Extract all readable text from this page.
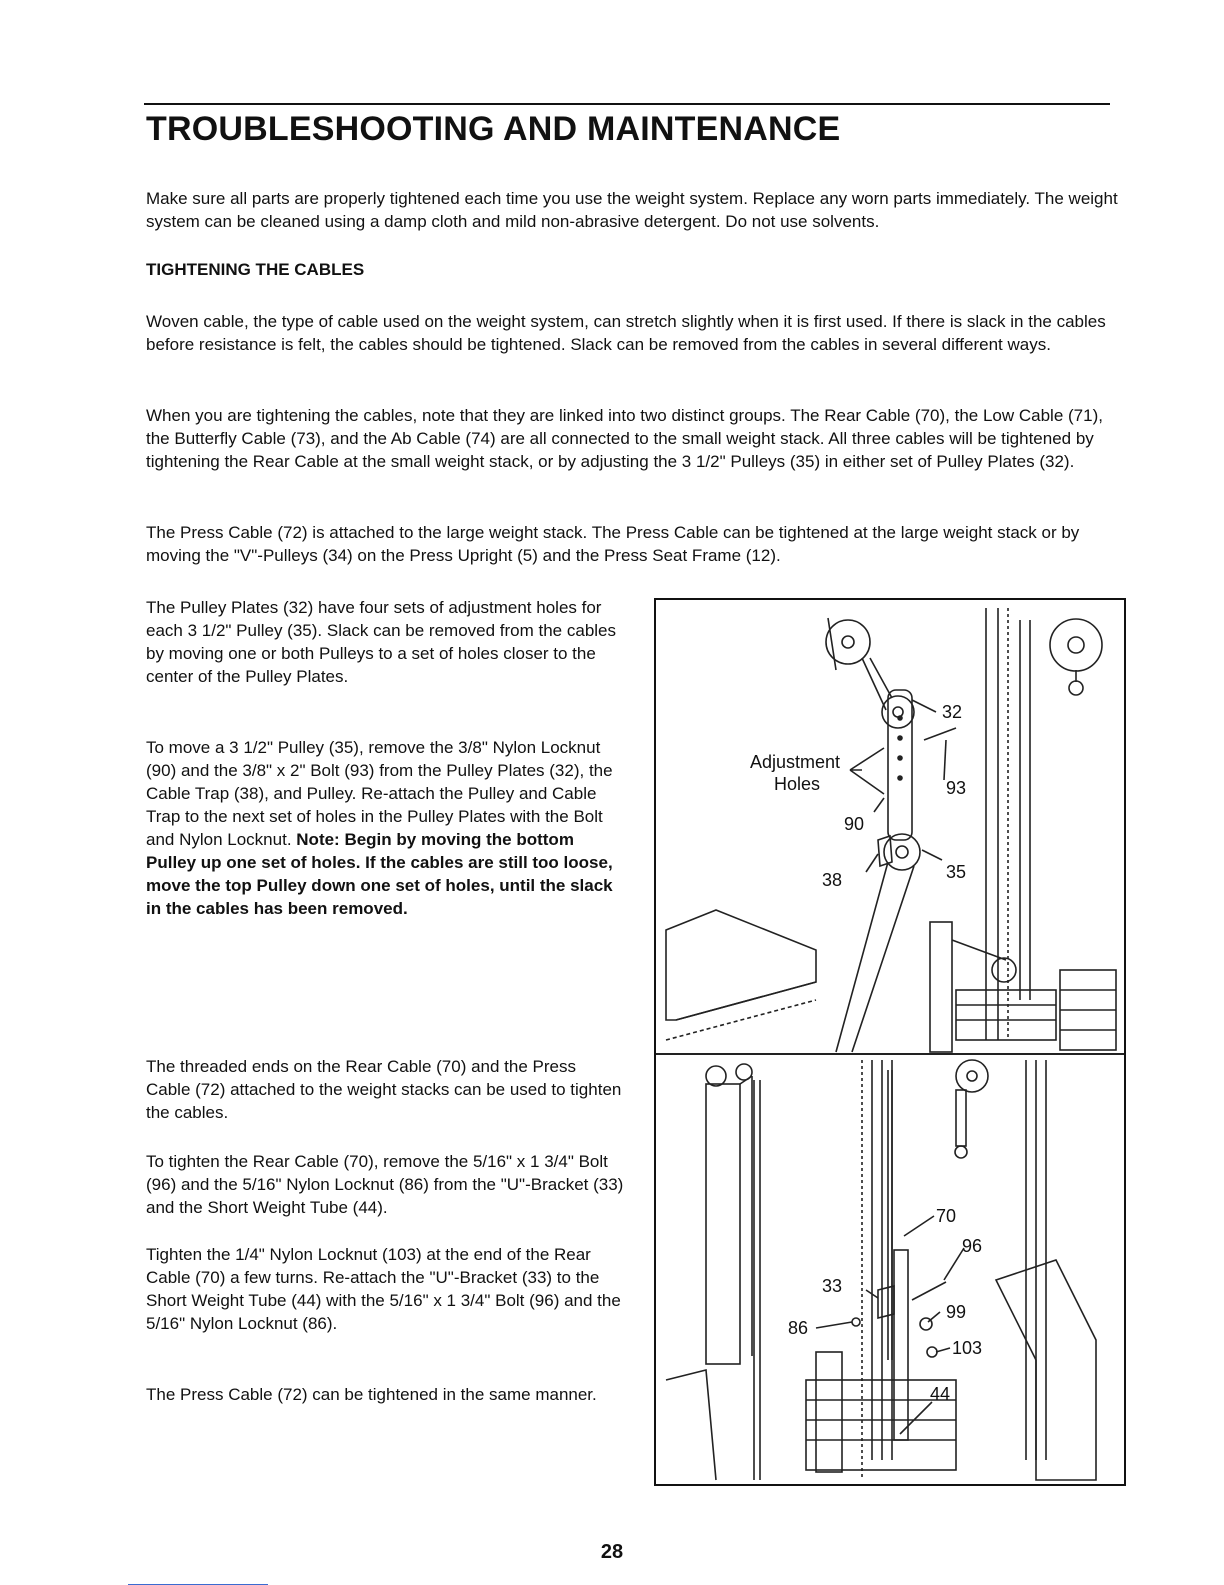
TROUBLESHOOTING AND MAINTENANCE

Make sure all parts are properly tightened each time you use the weight system. Replace any worn parts immediately. The weight system can be cleaned using a damp cloth and mild non-abrasive detergent. Do not use solvents.

TIGHTENING THE CABLES

Woven cable, the type of cable used on the weight system, can stretch slightly when it is first used. If there is slack in the cables before resistance is felt, the cables should be tightened. Slack can be removed from the cables in several different ways.

When you are tightening the cables, note that they are linked into two distinct groups. The Rear Cable (70), the Low Cable (71), the Butterfly Cable (73), and the Ab Cable (74) are all connected to the small weight stack. All three cables will be tightened by tightening the Rear Cable at the small weight stack, or by adjusting the 3 1/2" Pulleys (35) in either set of Pulley Plates (32).

The Press Cable (72) is attached to the large weight stack. The Press Cable can be tightened at the large weight stack or by moving the "V"-Pulleys (34) on the Press Upright (5) and the Press Seat Frame (12).

The Pulley Plates (32) have four sets of adjustment holes for each 3 1/2" Pulley (35). Slack can be removed from the cables by moving one or both Pulleys to a set of holes closer to the center of the Pulley Plates.

To move a 3 1/2" Pulley (35), remove the 3/8" Nylon Locknut (90) and the 3/8" x 2" Bolt (93) from the Pulley Plates (32), the Cable Trap (38), and Pulley. Re-attach the Pulley and Cable Trap to the next set of holes in the Pulley Plates with the Bolt and Nylon Locknut. Note: Begin by moving the bottom Pulley up one set of holes. If the cables are still too loose, move the top Pulley down one set of holes, until the slack in the cables has been removed.

The threaded ends on the Rear Cable (70) and the Press Cable (72) attached to the weight stacks can be used to tighten the cables.

To tighten the Rear Cable (70), remove the 5/16" x 1 3/4" Bolt (96) and the 5/16" Nylon Locknut (86) from the "U"-Bracket (33) and the Short Weight Tube (44).

Tighten the 1/4" Nylon Locknut (103) at the end of the Rear Cable (70) a few turns. Re-attach the "U"-Bracket (33) to the Short Weight Tube (44) with the 5/16" x 1 3/4" Bolt (96) and the 5/16" Nylon Locknut (86).

The Press Cable (72) can be tightened in the same manner.

Adjustment
Holes
32
93
90
38	35
70
96
33
99
86
103
44

28
